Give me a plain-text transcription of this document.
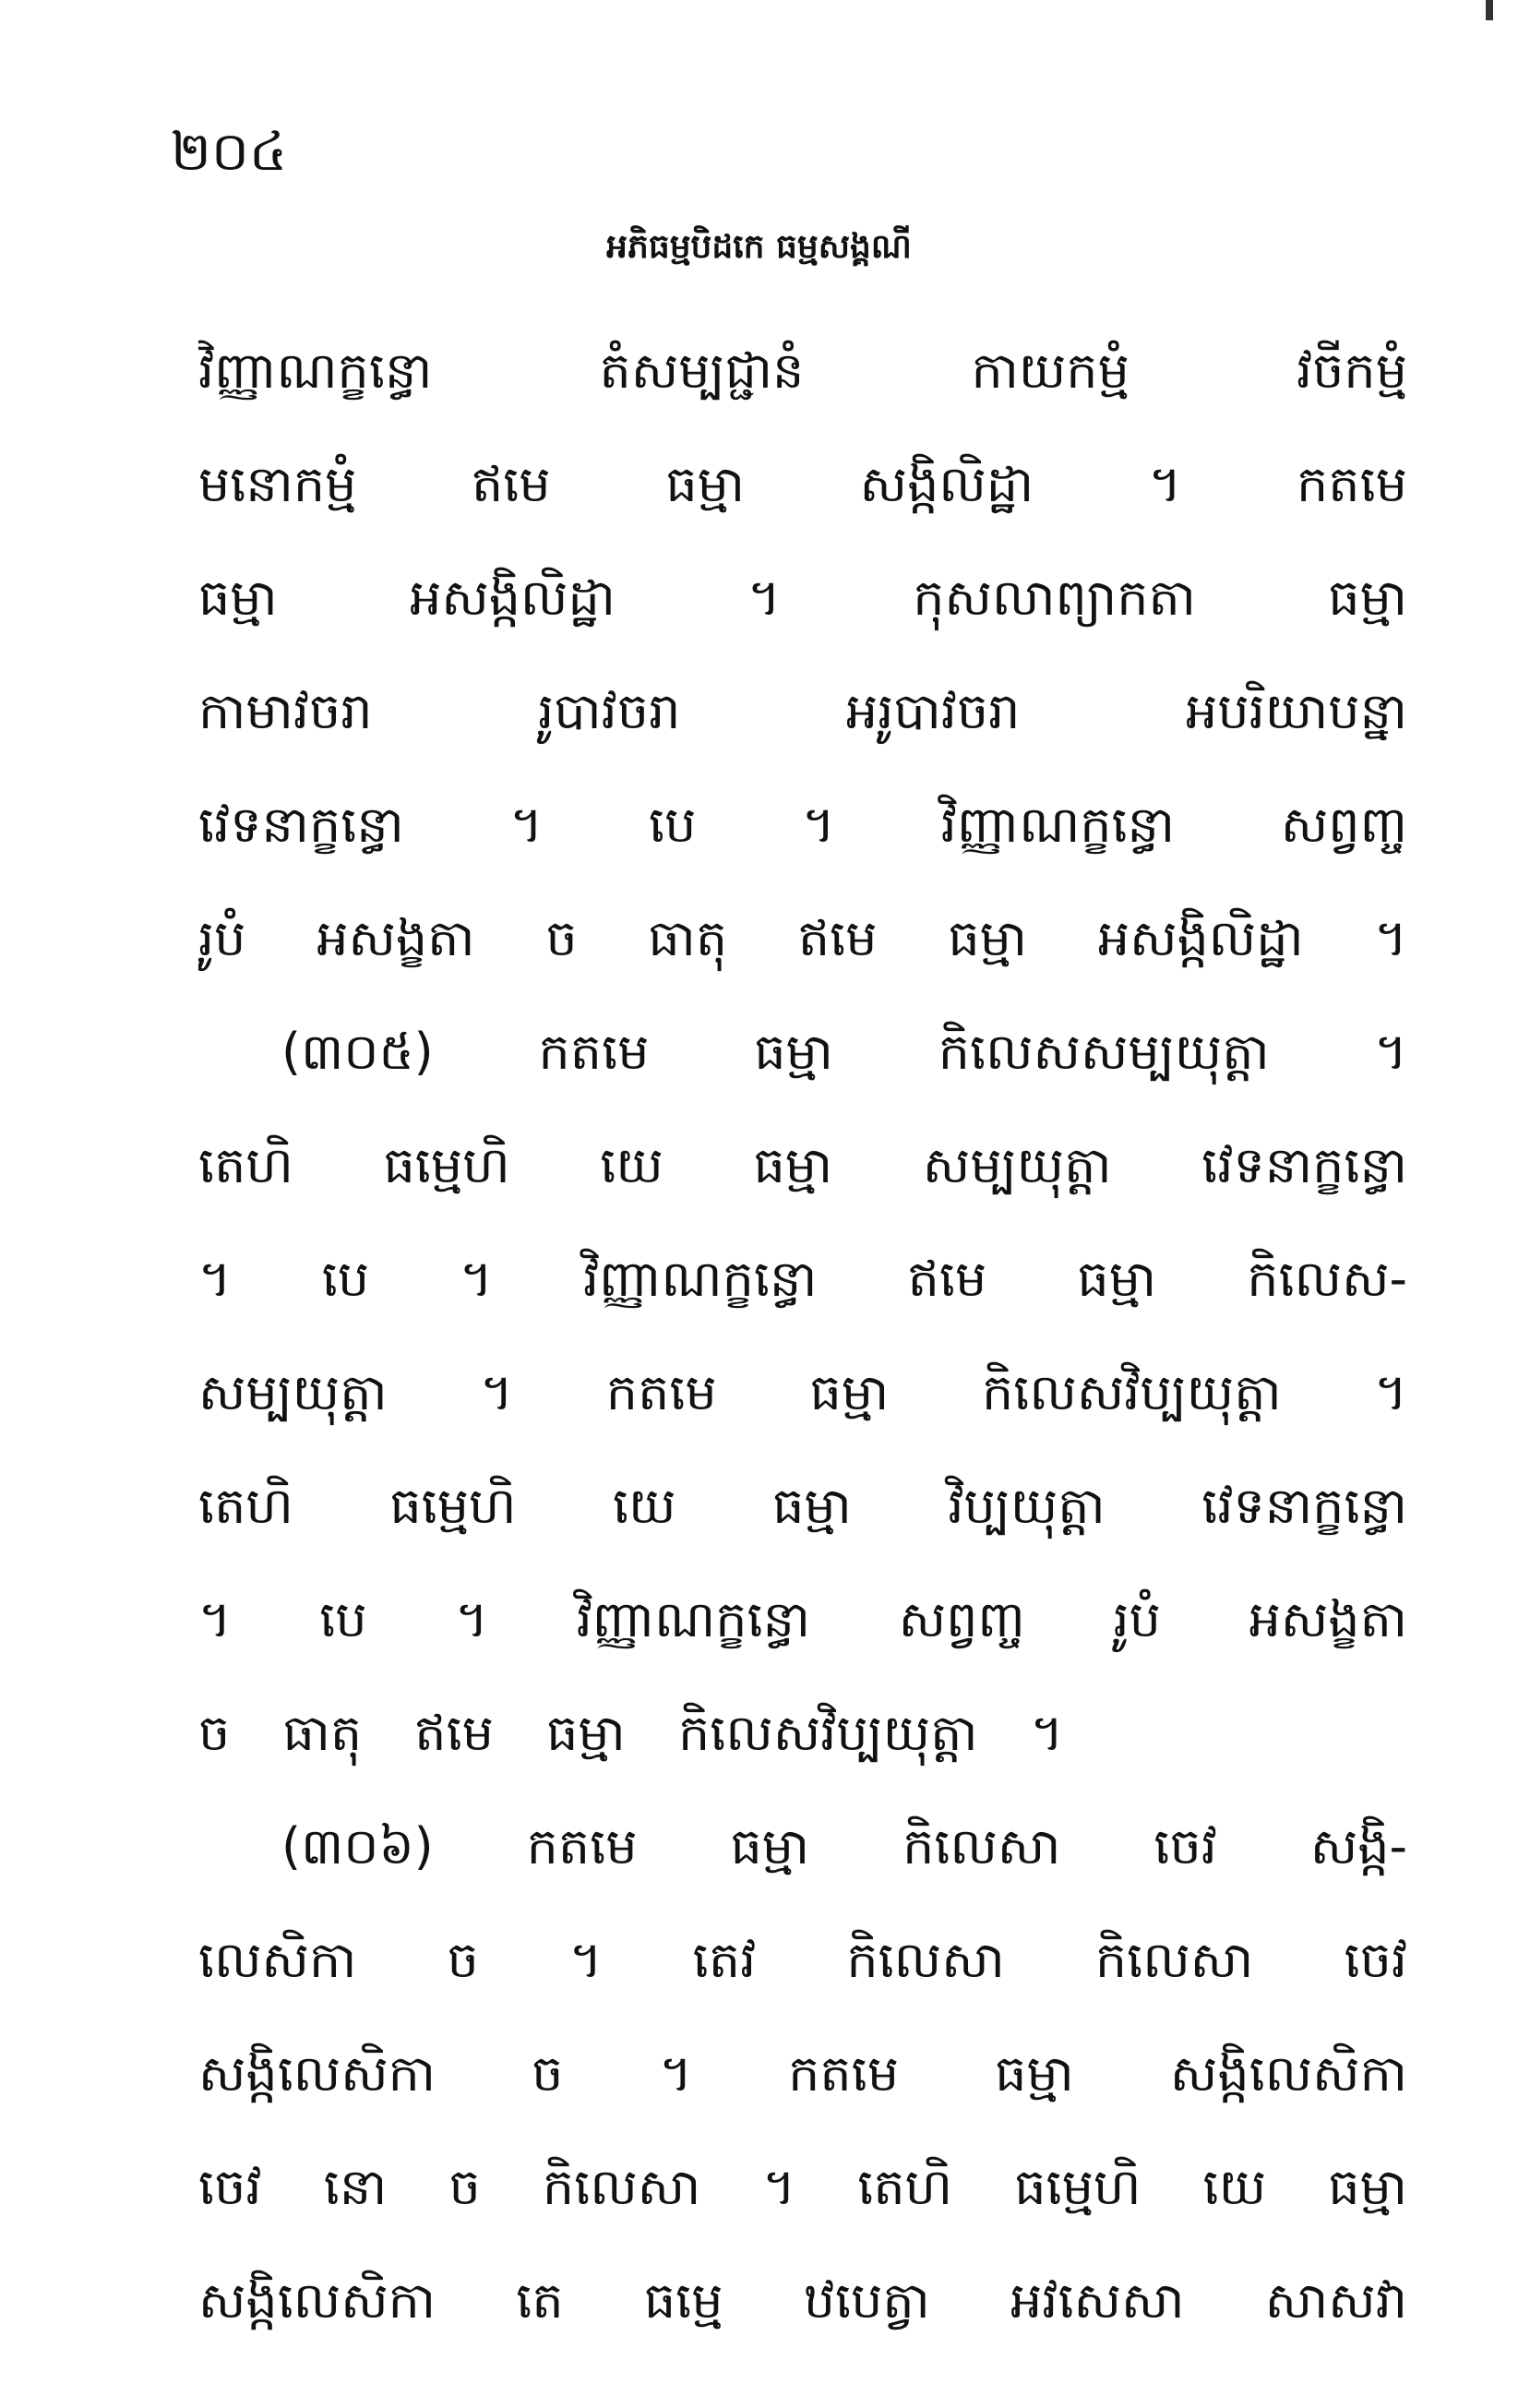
២០៤
អភិធម្មបិដកេ ធម្មសង្គណី
វិញ្ញាណក្ខន្ធោ តំសម្បជ្ជានំ កាយកម្មំ វចីកម្មំ
មនោកម្មំ ឥមេ ធម្មា សង្កិលិដ្ឋា ។ កតមេ
ធម្មា អសង្កិលិដ្ឋា ។ កុសលាព្យាកតា ធម្មា
កាមាវចរា រូបាវចរា អរូបាវចរា អបរិយាបន្នា
វេទនាក្ខន្ធោ ។ បេ ។ វិញ្ញាណក្ខន្ធោ សព្វញ្ច
រូបំ អសង្ខតា ច ធាតុ ឥមេ ធម្មា អសង្កិលិដ្ឋា ។
(៣០៥) កតមេ ធម្មា កិលេសសម្បយុត្តា ។
តេហិ ធម្មេហិ យេ ធម្មា សម្បយុត្តា វេទនាក្ខន្ធោ
។ បេ ។ វិញ្ញាណក្ខន្ធោ ឥមេ ធម្មា កិលេស-
សម្បយុត្តា ។ កតមេ ធម្មា កិលេសវិប្បយុត្តា ។
តេហិ ធម្មេហិ យេ ធម្មា វិប្បយុត្តា វេទនាក្ខន្ធោ
។ បេ ។ វិញ្ញាណក្ខន្ធោ សព្វញ្ច រូបំ អសង្ខតា
ច ធាតុ ឥមេ ធម្មា កិលេសវិប្បយុត្តា ។
(៣០៦) កតមេ ធម្មា កិលេសា ចេវ សង្កិ-
លេសិកា ច ។ តេវ កិលេសា កិលេសា ចេវ
សង្កិលេសិកា ច ។ កតមេ ធម្មា សង្កិលេសិកា
ចេវ នោ ច កិលេសា ។ តេហិ ធម្មេហិ យេ ធម្មា
សង្កិលេសិកា តេ ធម្មេ ឋបេត្វា អវសេសា សាសវា
